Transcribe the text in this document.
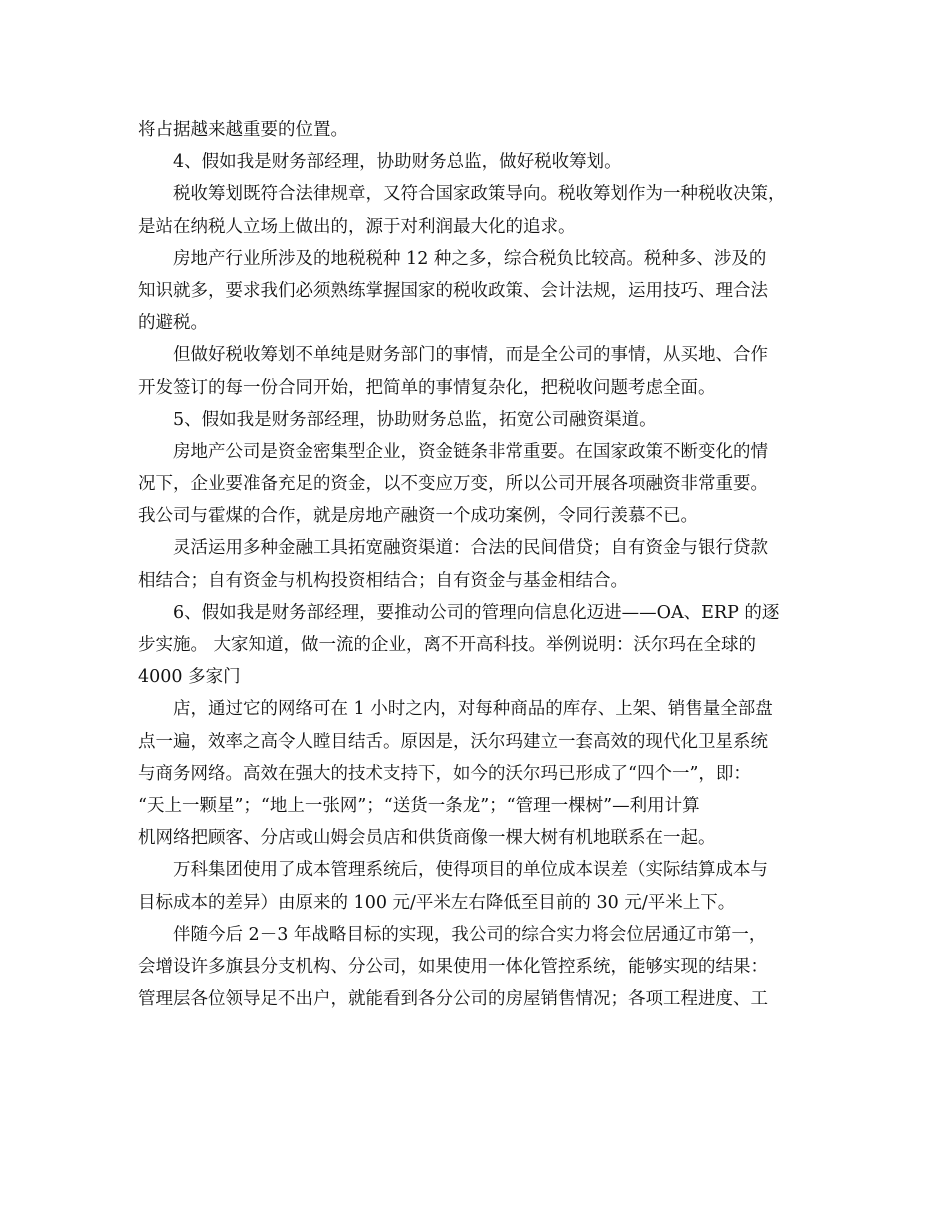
将占据越来越重要的位置。
4、假如我是财务部经理，协助财务总监，做好税收筹划。
税收筹划既符合法律规章，又符合国家政策导向。税收筹划作为一种税收决策，
是站在纳税人立场上做出的，源于对利润最大化的追求。
房地产行业所涉及的地税税种 12 种之多，综合税负比较高。税种多、涉及的
知识就多，要求我们必须熟练掌握国家的税收政策、会计法规，运用技巧、理合法
的避税。
但做好税收筹划不单纯是财务部门的事情，而是全公司的事情，从买地、合作
开发签订的每一份合同开始，把简单的事情复杂化，把税收问题考虑全面。
5、假如我是财务部经理，协助财务总监，拓宽公司融资渠道。
房地产公司是资金密集型企业，资金链条非常重要。在国家政策不断变化的情
况下，企业要准备充足的资金，以不变应万变，所以公司开展各项融资非常重要。
我公司与霍煤的合作，就是房地产融资一个成功案例，令同行羡慕不已。
灵活运用多种金融工具拓宽融资渠道：合法的民间借贷；自有资金与银行贷款
相结合；自有资金与机构投资相结合；自有资金与基金相结合。
6、假如我是财务部经理，要推动公司的管理向信息化迈进——OA、ERP 的逐
步实施。 大家知道，做一流的企业，离不开高科技。举例说明：沃尔玛在全球的
4000 多家门
店，通过它的网络可在 1 小时之内，对每种商品的库存、上架、销售量全部盘
点一遍，效率之高令人瞠目结舌。原因是，沃尔玛建立一套高效的现代化卫星系统
与商务网络。高效在强大的技术支持下，如今的沃尔玛已形成了“四个一”，即：
“天上一颗星”；“地上一张网”；“送货一条龙”；“管理一棵树”—利用计算
机网络把顾客、分店或山姆会员店和供货商像一棵大树有机地联系在一起。
万科集团使用了成本管理系统后，使得项目的单位成本误差（实际结算成本与
目标成本的差异）由原来的 100 元/平米左右降低至目前的 30 元/平米上下。
伴随今后 2－3 年战略目标的实现，我公司的综合实力将会位居通辽市第一，
会增设许多旗县分支机构、分公司，如果使用一体化管控系统，能够实现的结果：
管理层各位领导足不出户，就能看到各分公司的房屋销售情况；各项工程进度、工
